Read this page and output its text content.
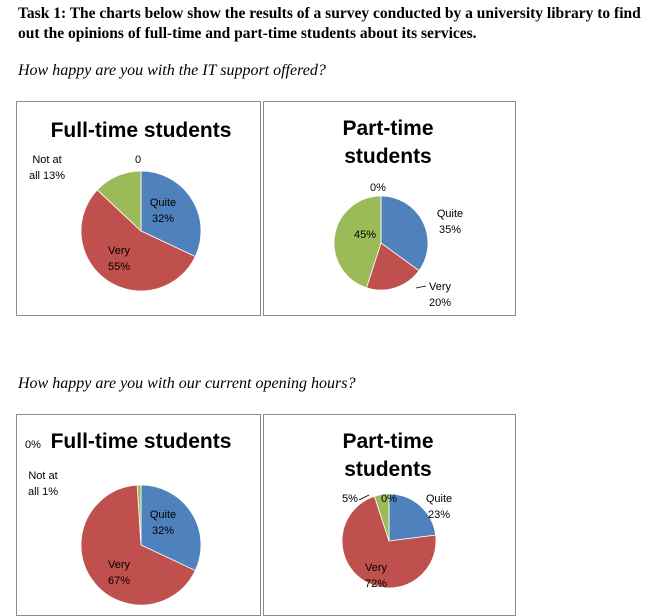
Task 1: The charts below show the results of a survey conducted by a university library to find out the opinions of full-time and part-time students about its services.
How happy are you with the IT support offered?
How happy are you with our current opening hours?
Full-time students
Quite 32%
Very 55%
Not at all 13%
0
Part-time students
Quite 35%
Very 20%
45%
0%
Full-time students
Quite 32%
Very 67%
Not at all 1%
0%	Part-time students
Quite 23%
Very 72%
5% 0%
